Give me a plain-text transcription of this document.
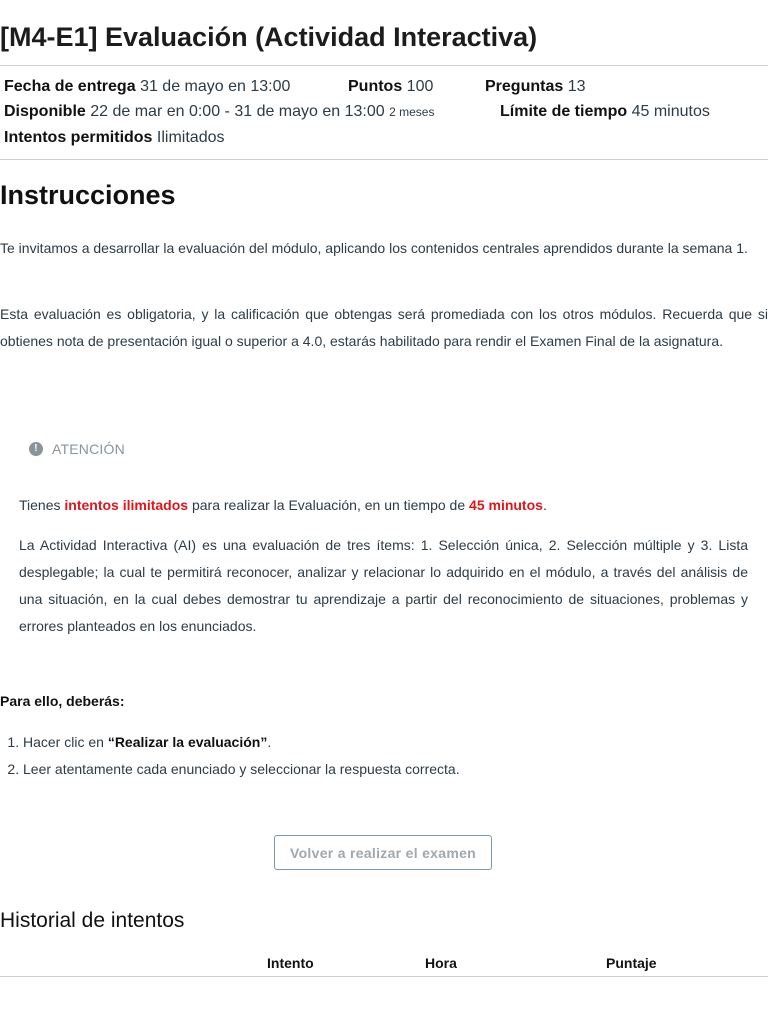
[M4-E1] Evaluación (Actividad Interactiva)
Fecha de entrega 31 de mayo en 13:00	Puntos 100	Preguntas 13
Disponible 22 de mar en 0:00 - 31 de mayo en 13:00 2 meses	Límite de tiempo 45 minutos
Intentos permitidos Ilimitados
Instrucciones

Te invitamos a desarrollar la evaluación del módulo, aplicando los contenidos centrales aprendidos durante la semana 1.

Esta evaluación es obligatoria, y la calificación que obtengas será promediada con los otros módulos. Recuerda que si obtienes nota de presentación igual o superior a 4.0, estarás habilitado para rendir el Examen Final de la asignatura.

!	ATENCIÓN

Tienes intentos ilimitados para realizar la Evaluación, en un tiempo de 45 minutos.

La Actividad Interactiva (AI) es una evaluación de tres ítems: 1. Selección única, 2. Selección múltiple y 3. Lista desplegable; la cual te permitirá reconocer, analizar y relacionar lo adquirido en el módulo, a través del análisis de una situación, en la cual debes demostrar tu aprendizaje a partir del reconocimiento de situaciones, problemas y errores planteados en los enunciados.

Para ello, deberás:

1. Hacer clic en “Realizar la evaluación”.
2. Leer atentamente cada enunciado y seleccionar la respuesta correcta.
Volver a realizar el examen
Historial de intentos
Intento	Hora	Puntaje
